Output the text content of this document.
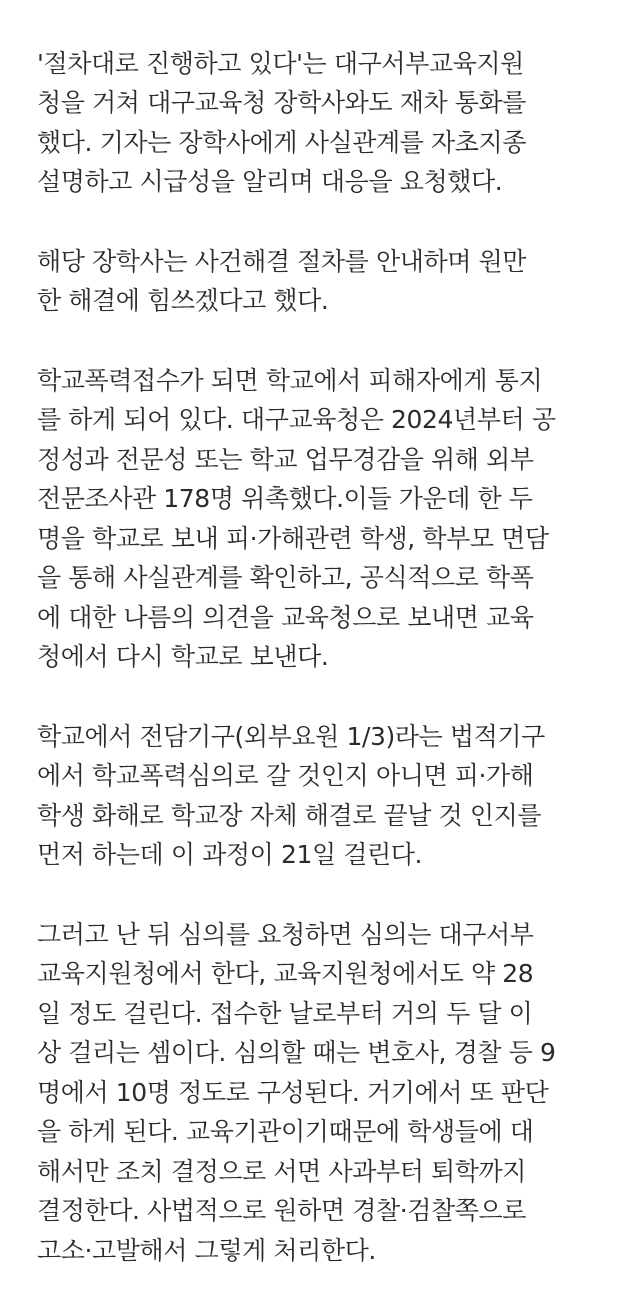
'절차대로 진행하고 있다'는 대구서부교육지원
청을 거쳐 대구교육청 장학사와도 재차 통화를
했다. 기자는 장학사에게 사실관계를 자초지종
설명하고 시급성을 알리며 대응을 요청했다.

해당 장학사는 사건해결 절차를 안내하며 원만
한 해결에 힘쓰겠다고 했다.

학교폭력접수가 되면 학교에서 피해자에게 통지
를 하게 되어 있다. 대구교육청은 2024년부터 공
정성과 전문성 또는 학교 업무경감을 위해 외부
전문조사관 178명 위촉했다.이들 가운데 한 두
명을 학교로 보내 피·가해관련 학생, 학부모 면담
을 통해 사실관계를 확인하고, 공식적으로 학폭
에 대한 나름의 의견을 교육청으로 보내면 교육
청에서 다시 학교로 보낸다.

학교에서 전담기구(외부요원 1/3)라는 법적기구
에서 학교폭력심의로 갈 것인지 아니면 피·가해
학생 화해로 학교장 자체 해결로 끝날 것 인지를
먼저 하는데 이 과정이 21일 걸린다.

그러고 난 뒤 심의를 요청하면 심의는 대구서부
교육지원청에서 한다, 교육지원청에서도 약 28
일 정도 걸린다. 접수한 날로부터 거의 두 달 이
상 걸리는 셈이다. 심의할 때는 변호사, 경찰 등 9
명에서 10명 정도로 구성된다. 거기에서 또 판단
을 하게 된다. 교육기관이기때문에 학생들에 대
해서만 조치 결정으로 서면 사과부터 퇴학까지
결정한다. 사법적으로 원하면 경찰·검찰쪽으로
고소·고발해서 그렇게 처리한다.
